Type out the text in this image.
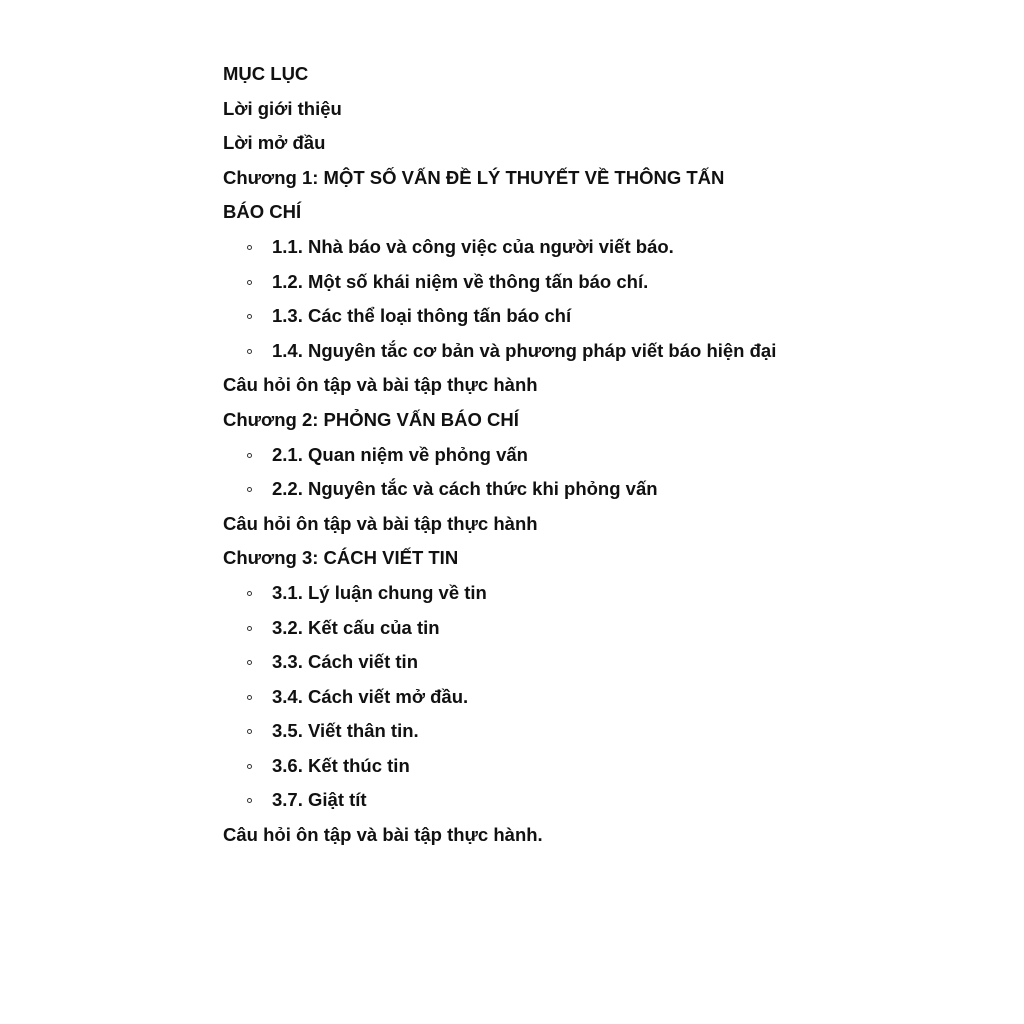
MỤC LỤC
Lời giới thiệu
Lời mở đầu
Chương 1: MỘT SỐ VẤN ĐỀ LÝ THUYẾT VỀ THÔNG TẤN
BÁO CHÍ
1.1. Nhà báo và công việc của người viết báo.
1.2. Một số khái niệm về thông tấn báo chí.
1.3. Các thể loại thông tấn báo chí
1.4. Nguyên tắc cơ bản và phương pháp viết báo hiện đại
Câu hỏi ôn tập và bài tập thực hành
Chương 2: PHỎNG VẤN BÁO CHÍ
2.1. Quan niệm về phỏng vấn
2.2. Nguyên tắc và cách thức khi phỏng vấn
Câu hỏi ôn tập và bài tập thực hành
Chương 3: CÁCH VIẾT TIN
3.1. Lý luận chung về tin
3.2. Kết cấu của tin
3.3. Cách viết tin
3.4. Cách viết mở đầu.
3.5. Viết thân tin.
3.6. Kết thúc tin
3.7. Giật tít
Câu hỏi ôn tập và bài tập thực hành.
